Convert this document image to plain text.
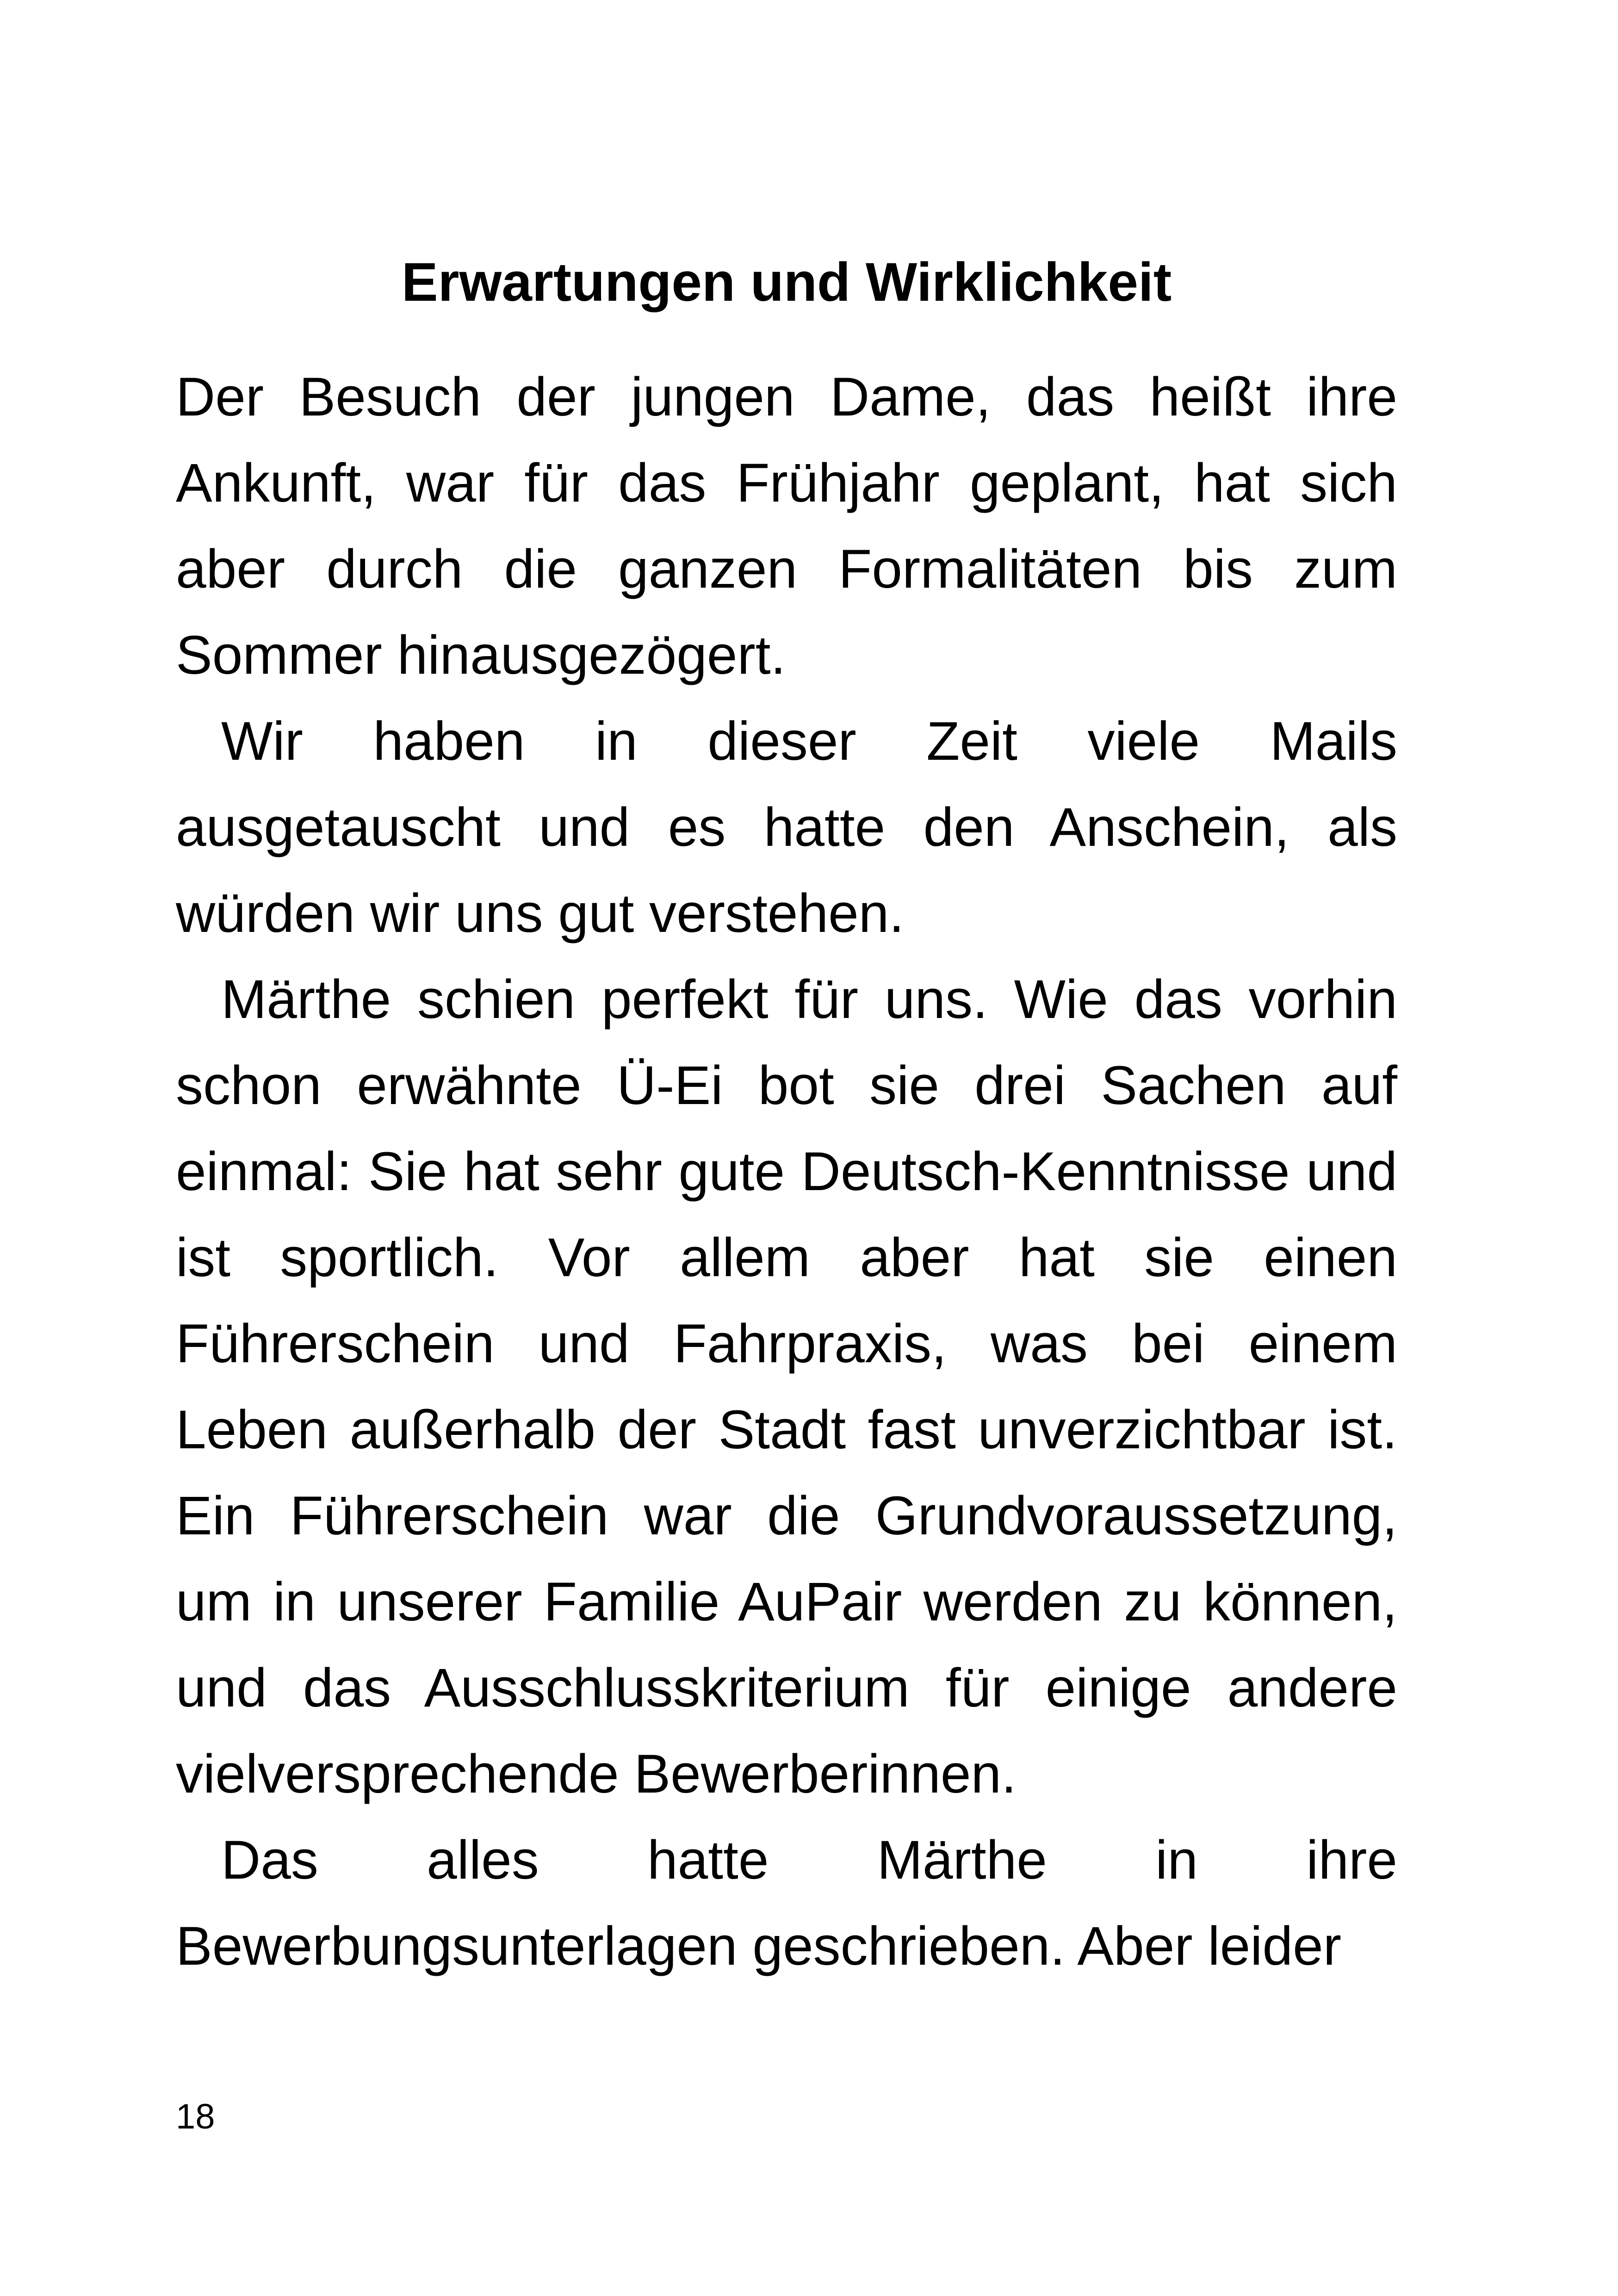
Erwartungen und Wirklichkeit

Der Besuch der jungen Dame, das heißt ihre Ankunft, war für das Frühjahr geplant, hat sich aber durch die ganzen Formalitäten bis zum Sommer hinausgezögert.

Wir haben in dieser Zeit viele Mails ausgetauscht und es hatte den Anschein, als würden wir uns gut verstehen.

Märthe schien perfekt für uns. Wie das vorhin schon erwähnte Ü-Ei bot sie drei Sachen auf einmal: Sie hat sehr gute Deutsch-Kenntnisse und ist sportlich. Vor allem aber hat sie einen Führerschein und Fahrpraxis, was bei einem Leben außerhalb der Stadt fast unverzichtbar ist. Ein Führerschein war die Grundvoraussetzung, um in unserer Familie AuPair werden zu können, und das Ausschlusskriterium für einige andere vielversprechende Bewerberinnen.

Das alles hatte Märthe in ihre Bewerbungsunterlagen geschrieben. Aber leider

18
